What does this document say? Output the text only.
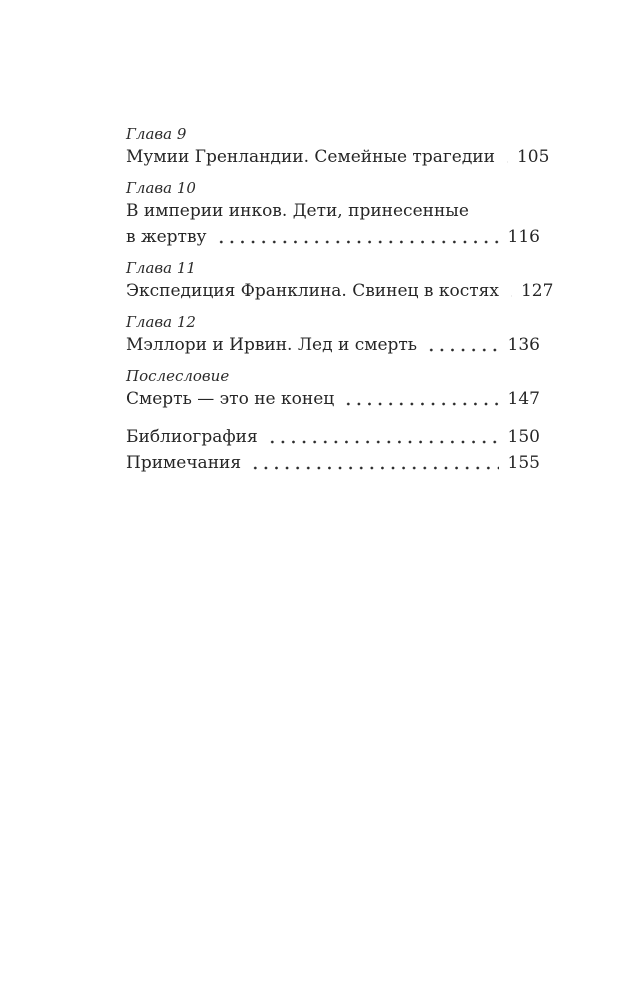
Глава 9
Мумии Гренландии. Семейные трагедии 105
Глава 10
В империи инков. Дети, принесенные
в жертву	116
Глава 11
Экспедиция Франклина. Свинец в костях 127
Глава 12
Мэллори и Ирвин. Лед и смерть	136
Послесловие
Смерть — это не конец	147
Библиография	150
Примечания	155
